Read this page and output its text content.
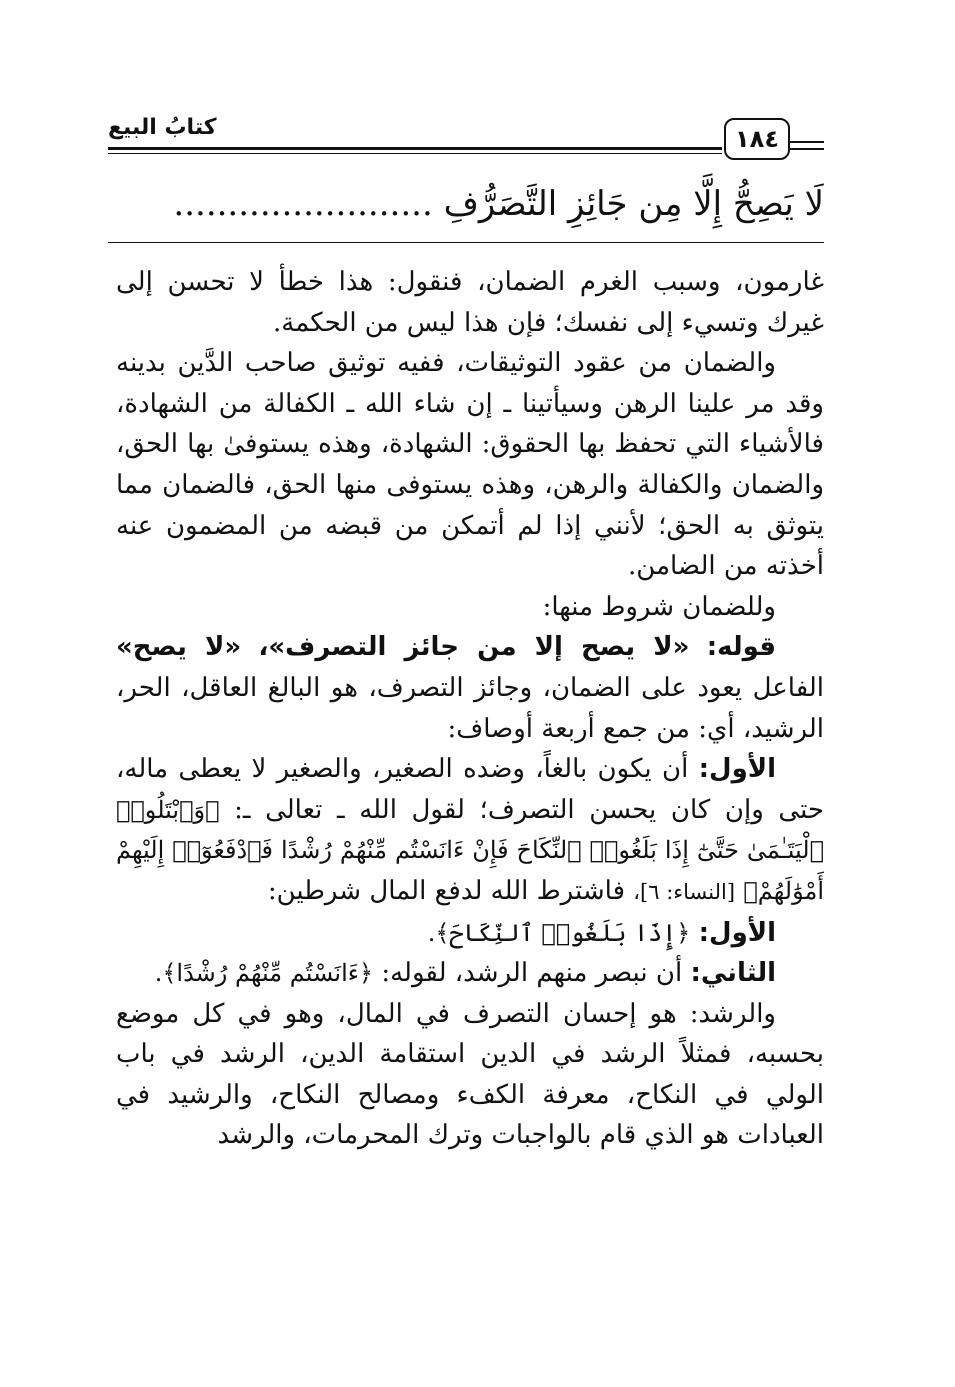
كتابُ البيع	١٨٤
لَا يَصِحُّ إِلَّا مِن جَائِزِ التَّصَرُّفِ ........................

غارمون، وسبب الغرم الضمان، فنقول: هذا خطأ لا تحسن إلى غيرك وتسيء إلى نفسك؛ فإن هذا ليس من الحكمة.

والضمان من عقود التوثيقات، ففيه توثيق صاحب الدَّين بدينه وقد مر علينا الرهن وسيأتينا ـ إن شاء الله ـ الكفالة من الشهادة، فالأشياء التي تحفظ بها الحقوق: الشهادة، وهذه يستوفىٰ بها الحق، والضمان والكفالة والرهن، وهذه يستوفى منها الحق، فالضمان مما يتوثق به الحق؛ لأنني إذا لم أتمكن من قبضه من المضمون عنه أخذته من الضامن.

وللضمان شروط منها:

قوله: «لا يصح إلا من جائز التصرف»، «لا يصح» الفاعل يعود على الضمان، وجائز التصرف، هو البالغ العاقل، الحر، الرشيد، أي: من جمع أربعة أوصاف:

الأول: أن يكون بالغاً، وضده الصغير، والصغير لا يعطى ماله، حتى وإن كان يحسن التصرف؛ لقول الله ـ تعالى ـ: ﴿وَٱبْتَلُوا۟ ٱلْيَتَـٰمَىٰ حَتَّىٰٓ إِذَا بَلَغُوا۟ ٱلنِّكَاحَ فَإِنْ ءَانَسْتُم مِّنْهُمْ رُشْدًا فَٱدْفَعُوٓا۟ إِلَيْهِمْ أَمْوَٰلَهُمْ﴾ [النساء: ٦]، فاشترط الله لدفع المال شرطين:

الأول: ﴿إِذَا بَلَغُوا۟ ٱلنِّكَاحَ﴾.

الثاني: أن نبصر منهم الرشد، لقوله: ﴿ءَانَسْتُم مِّنْهُمْ رُشْدًا﴾.

والرشد: هو إحسان التصرف في المال، وهو في كل موضع بحسبه، فمثلاً الرشد في الدين استقامة الدين، الرشد في باب الولي في النكاح، معرفة الكفء ومصالح النكاح، والرشيد في العبادات هو الذي قام بالواجبات وترك المحرمات، والرشد
